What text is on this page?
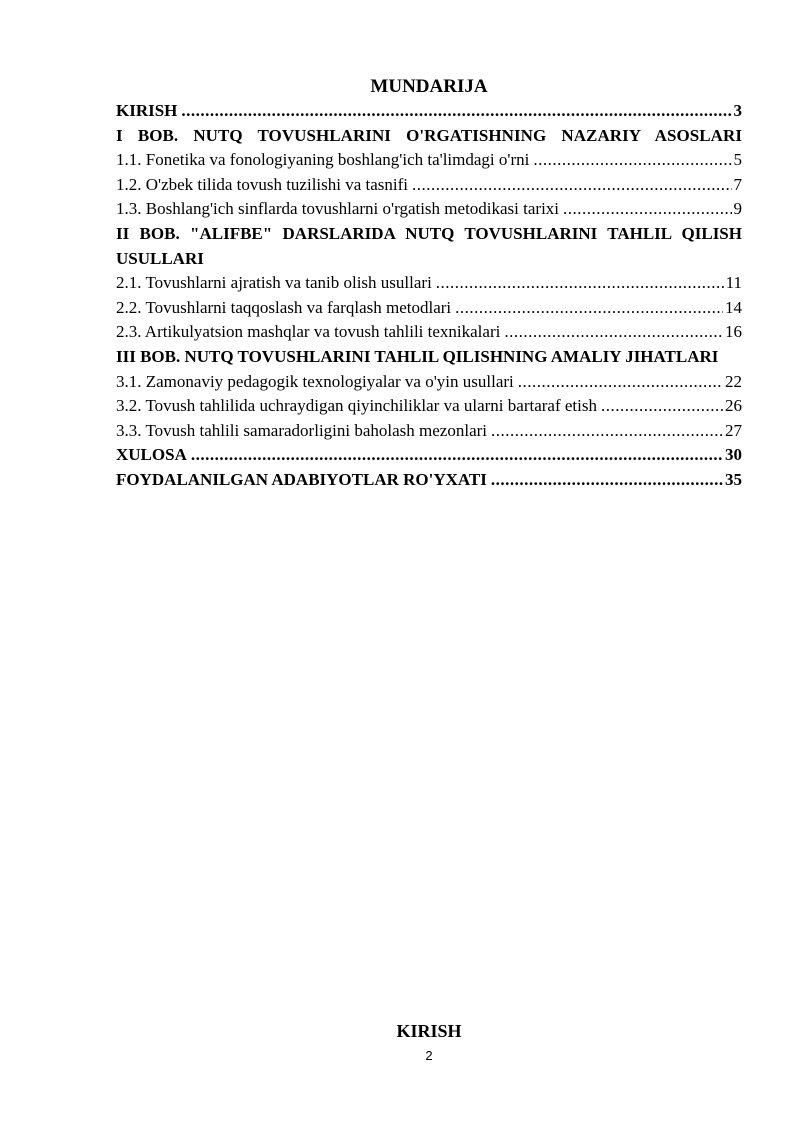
MUNDARIJA
KIRISH .....	3
I BOB. NUTQ TOVUSHLARINI O'RGATISHNING NAZARIY ASOSLARI
1.1. Fonetika va fonologiyaning boshlang'ich ta'limdagi o'rni .....	5
1.2. O'zbek tilida tovush tuzilishi va tasnifi .....	7
1.3. Boshlang'ich sinflarda tovushlarni o'rgatish metodikasi tarixi .....	9
II BOB. "ALIFBE" DARSLARIDA NUTQ TOVUSHLARINI TAHLIL QILISH USULLARI
2.1. Tovushlarni ajratish va tanib olish usullari .....	11
2.2. Tovushlarni taqqoslash va farqlash metodlari .....	14
2.3. Artikulyatsion mashqlar va tovush tahlili texnikalari .....	16
III BOB. NUTQ TOVUSHLARINI TAHLIL QILISHNING AMALIY JIHATLARI
3.1. Zamonaviy pedagogik texnologiyalar va o'yin usullari .....	22
3.2. Tovush tahlilida uchraydigan qiyinchiliklar va ularni bartaraf etish .....	26
3.3. Tovush tahlili samaradorligini baholash mezonlari .....	27
XULOSA .....	30
FOYDALANILGAN ADABIYOTLAR RO'YXATI .....	35
KIRISH
2
